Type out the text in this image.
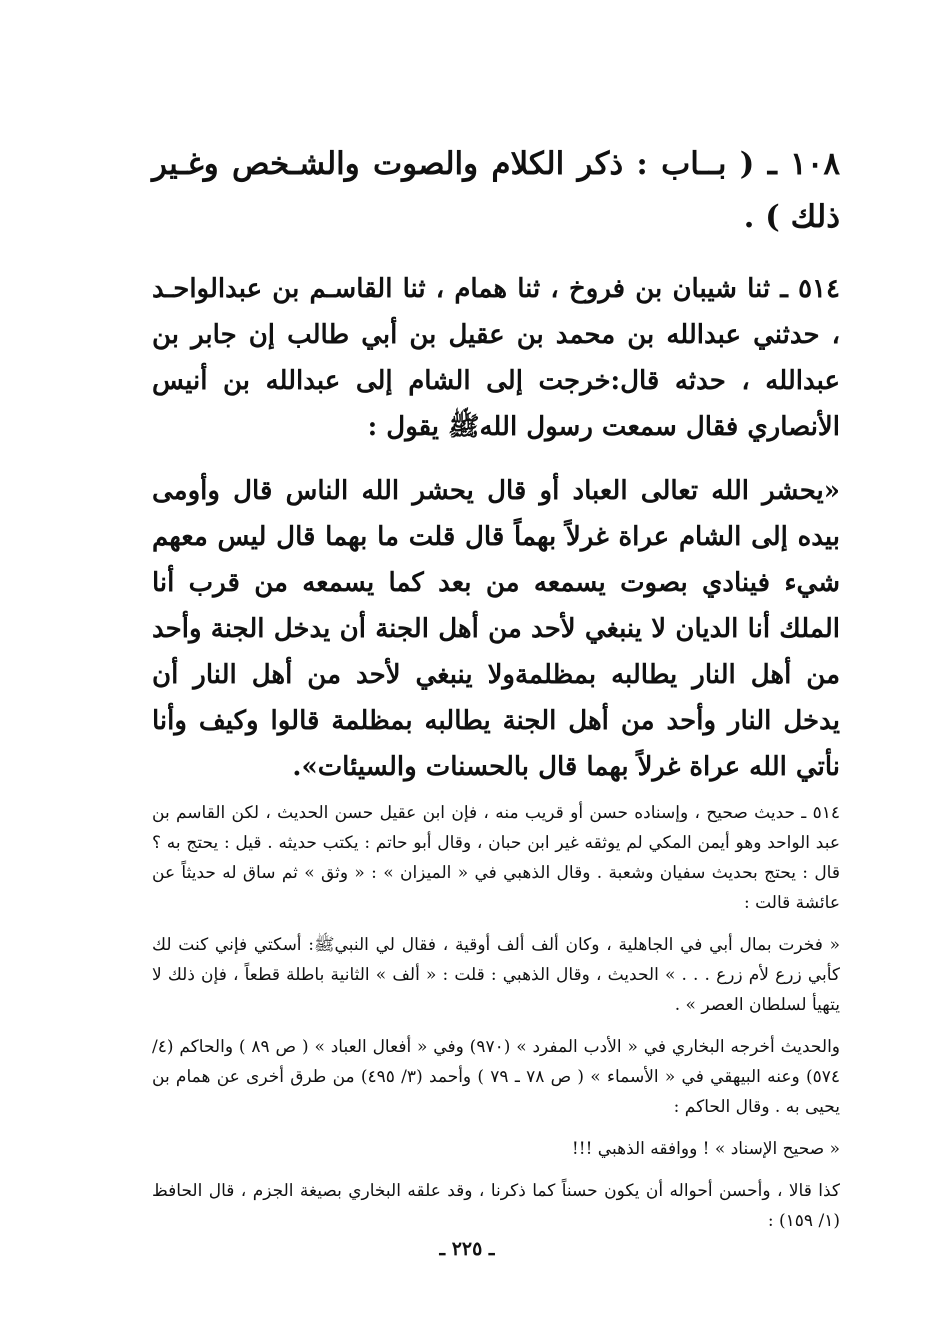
١٠٨ ـ ( بــاب : ذكر الكلام والصوت والشـخص وغـير ذلك ) .

٥١٤ ـ ثنا شيبان بن فروخ ، ثنا همام ، ثنا القاسـم بن عبدالواحـد ، حدثني عبدالله بن محمد بن عقيل بن أبي طالب إن جابر بن عبدالله ، حدثه قال:خرجت إلى الشام إلى عبدالله بن أنيس الأنصاري فقال سمعت رسول اللهﷺ يقول :

«يحشر الله تعالى العباد أو قال يحشر الله الناس قال وأومى بيده إلى الشام عراة غرلاً بهماً قال قلت ما بهما قال ليس معهم شيء فينادي بصوت يسمعه من بعد كما يسمعه من قرب أنا الملك أنا الديان لا ينبغي لأحد من أهل الجنة أن يدخل الجنة وأحد من أهل النار يطالبه بمظلمةولا ينبغي لأحد من أهل النار أن يدخل النار وأحد من أهل الجنة يطالبه بمظلمة قالوا وكيف وأنا نأتي الله عراة غرلاً بهما قال بالحسنات والسيئات».

٥١٤ ـ حديث صحيح ، وإسناده حسن أو قريب منه ، فإن ابن عقيل حسن الحديث ، لكن القاسم بن عبد الواحد وهو أيمن المكي لم يوثقه غير ابن حبان ، وقال أبو حاتم : يكتب حديثه . قيل : يحتج به ؟ قال : يحتج بحديث سفيان وشعبة . وقال الذهبي في « الميزان » : « وثق » ثم ساق له حديثاً عن عائشة قالت :

« فخرت بمال أبي في الجاهلية ، وكان ألف ألف أوقية ، فقال لي النبيﷺ: أسكتي فإني كنت لك كأبي زرع لأم زرع . . . » الحديث ، وقال الذهبي : قلت : « ألف » الثانية باطلة قطعاً ، فإن ذلك لا يتهيأ لسلطان العصر » .

والحديث أخرجه البخاري في « الأدب المفرد » (٩٧٠) وفي « أفعال العباد » ( ص ٨٩ ) والحاكم (٤/ ٥٧٤) وعنه البيهقي في « الأسماء » ( ص ٧٨ ـ ٧٩ ) وأحمد (٣/ ٤٩٥) من طرق أخرى عن همام بن يحيى به . وقال الحاكم :

« صحيح الإسناد » ! ووافقه الذهبي !!!

كذا قالا ، وأحسن أحواله أن يكون حسناً كما ذكرنا ، وقد علقه البخاري بصيغة الجزم ، قال الحافظ (١/ ١٥٩) :

ـ ٢٢٥ ـ
